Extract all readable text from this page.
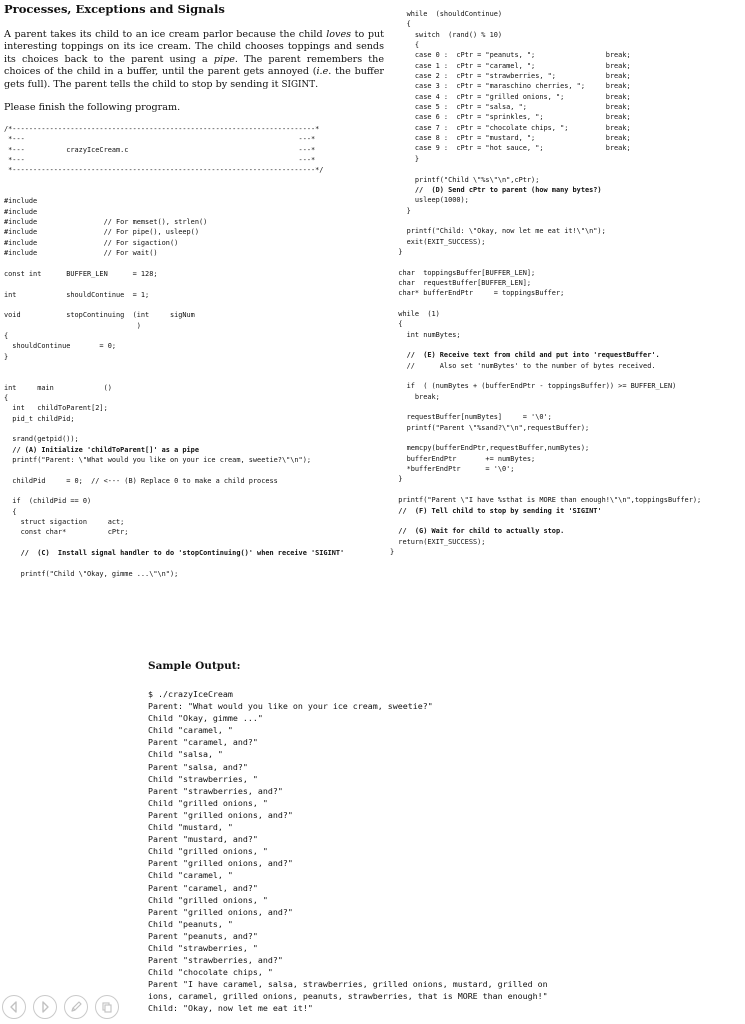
Processes, Exceptions and Signals
A parent takes its child to an ice cream parlor because the child loves to put interesting toppings on its ice cream. The child chooses toppings and sends its choices back to the parent using a pipe. The parent remembers the choices of the child in a buffer, until the parent gets annoyed (i.e. the buffer gets full). The parent tells the child to stop by sending it SIGINT.
Please finish the following program.
/*-------------------------------------------------------------------------*
*---                                                                  ---*
*---          crazyIceCream.c                                         ---*
*---                                                                  ---*
*-------------------------------------------------------------------------*/

#include
#include
#include                // For memset(), strlen()
#include                // For pipe(), usleep()
#include                // For sigaction()
#include                // For wait()

const int      BUFFER_LEN      = 128;

int            shouldContinue  = 1;

void           stopContinuing  (int     sigNum
)
{
shouldContinue       = 0;
}

int     main            ()
{
int   childToParent[2];
pid_t childPid;

srand(getpid());
// (A) Initialize 'childToParent[]' as a pipe
printf("Parent: \"What would you like on your ice cream, sweetie?\"\n");

childPid     = 0;  // <--- (B) Replace 0 to make a child process

if  (childPid == 0)
{
struct sigaction     act;
const char*          cPtr;

//  (C)  Install signal handler to do 'stopContinuing()' when receive 'SIGINT'

printf("Child \"Okay, gimme ...\"\n");
while  (shouldContinue)
{
switch  (rand() % 10)
{
case 0 :  cPtr = "peanuts, ";                 break;
case 1 :  cPtr = "caramel, ";                 break;
case 2 :  cPtr = "strawberries, ";            break;
case 3 :  cPtr = "maraschino cherries, ";     break;
case 4 :  cPtr = "grilled onions, ";          break;
case 5 :  cPtr = "salsa, ";                   break;
case 6 :  cPtr = "sprinkles, ";               break;
case 7 :  cPtr = "chocolate chips, ";         break;
case 8 :  cPtr = "mustard, ";                 break;
case 9 :  cPtr = "hot sauce, ";               break;
}

printf("Child \"%s\"\n",cPtr);
//  (D) Send cPtr to parent (how many bytes?)
usleep(1000);
}

printf("Child: \"Okay, now let me eat it!\"\n");
exit(EXIT_SUCCESS);
}

char  toppingsBuffer[BUFFER_LEN];
char  requestBuffer[BUFFER_LEN];
char* bufferEndPtr     = toppingsBuffer;

while  (1)
{
int numBytes;

//  (E) Receive text from child and put into 'requestBuffer'.
//      Also set 'numBytes' to the number of bytes received.

if  ( (numBytes + (bufferEndPtr - toppingsBuffer)) >= BUFFER_LEN)
break;

requestBuffer[numBytes]     = '\0';
printf("Parent \"%sand?\"\n",requestBuffer);

memcpy(bufferEndPtr,requestBuffer,numBytes);
bufferEndPtr       += numBytes;
*bufferEndPtr      = '\0';
}

printf("Parent \"I have %sthat is MORE than enough!\"\n",toppingsBuffer);
//  (F) Tell child to stop by sending it 'SIGINT'

//  (G) Wait for child to actually stop.
return(EXIT_SUCCESS);
}
Sample Output:
$ ./crazyIceCream
Parent: "What would you like on your ice cream, sweetie?"
Child "Okay, gimme ..."
Child "caramel, "
Parent "caramel, and?"
Child "salsa, "
Parent "salsa, and?"
Child "strawberries, "
Parent "strawberries, and?"
Child "grilled onions, "
Parent "grilled onions, and?"
Child "mustard, "
Parent "mustard, and?"
Child "grilled onions, "
Parent "grilled onions, and?"
Child "caramel, "
Parent "caramel, and?"
Child "grilled onions, "
Parent "grilled onions, and?"
Child "peanuts, "
Parent "peanuts, and?"
Child "strawberries, "
Parent "strawberries, and?"
Child "chocolate chips, "
Parent "I have caramel, salsa, strawberries, grilled onions, mustard, grilled on
ions, caramel, grilled onions, peanuts, strawberries, that is MORE than enough!"
Child: "Okay, now let me eat it!"
